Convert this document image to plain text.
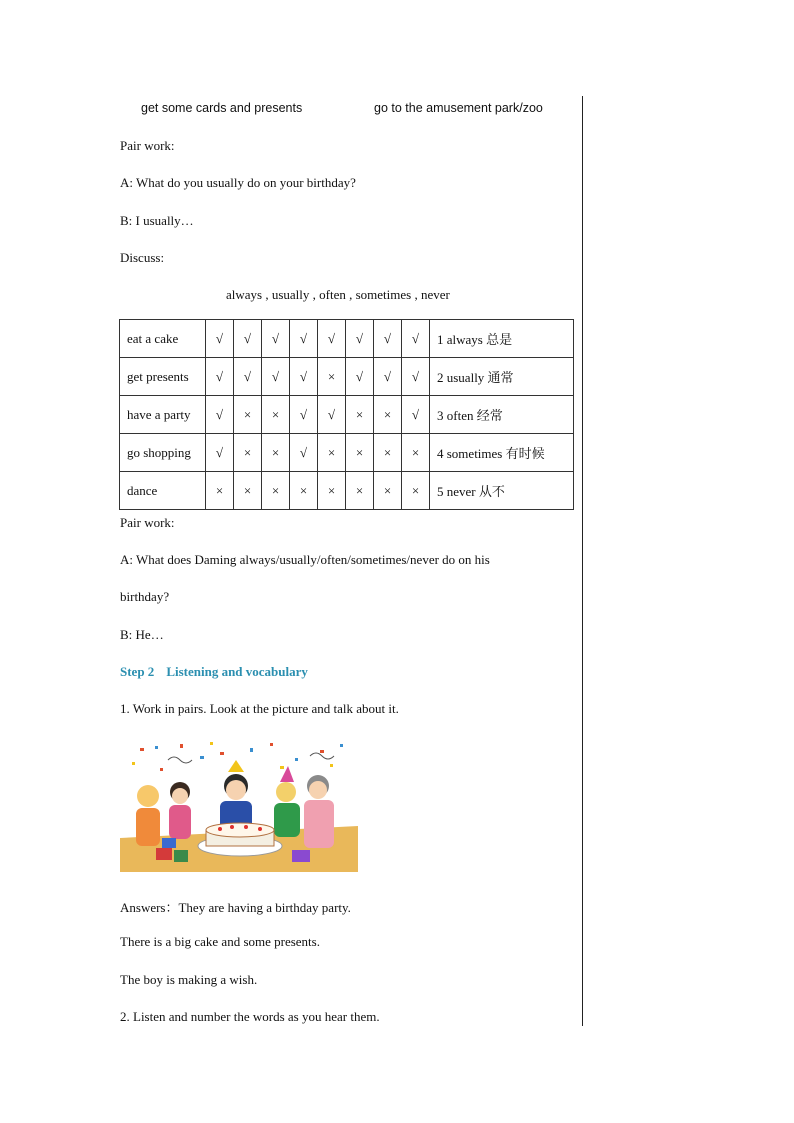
get some cards and presents	go to the amusement park/zoo
Pair work:
A: What do you usually do on your birthday?
B: I usually…
Discuss:
always , usually , often , sometimes , never
eat a cake	√	√	√	√	√	√	√	√	1 always 总是
get presents	√	√	√	√	×	√	√	√	2 usually 通常
have a party	√	×	×	√	√	×	×	√	3 often 经常
go shopping	√	×	×	√	×	×	×	×	4 sometimes 有时候
dance	×	×	×	×	×	×	×	×	5 never 从不
Pair work:
A: What does Daming always/usually/often/sometimes/never do on his
birthday?
B: He…
Step 2 Listening and vocabulary
1. Work in pairs. Look at the picture and talk about it.
Answers：They are having a birthday party.
There is a big cake and some presents.
The boy is making a wish.
2. Listen and number the words as you hear them.
